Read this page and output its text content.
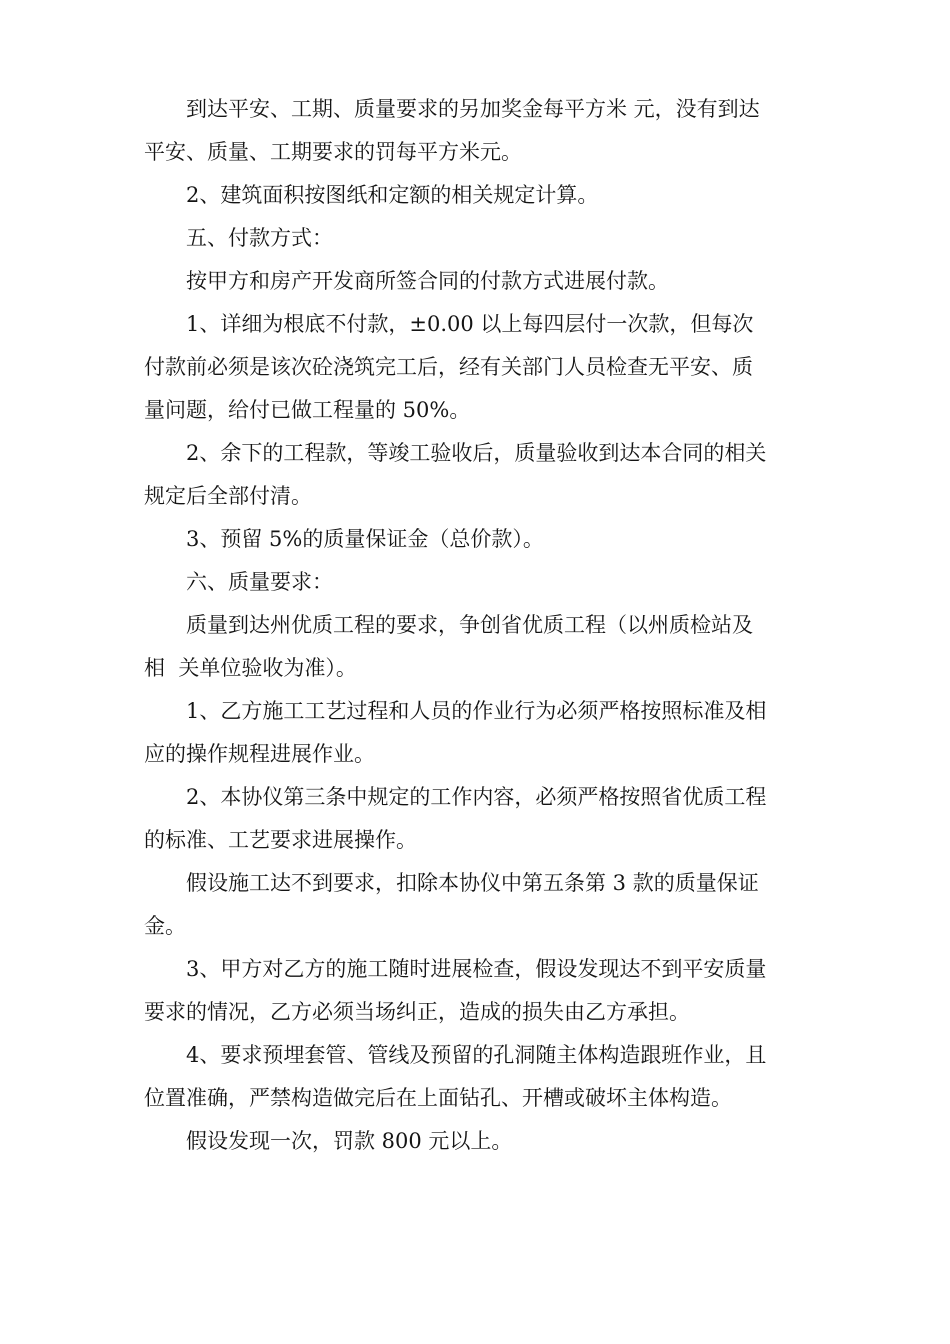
到达平安、工期、质量要求的另加奖金每平方米 元，没有到达
平安、质量、工期要求的罚每平方米元。
2、建筑面积按图纸和定额的相关规定计算。
五、付款方式：
按甲方和房产开发商所签合同的付款方式进展付款。
1、详细为根底不付款，±0.00 以上每四层付一次款，但每次
付款前必须是该次砼浇筑完工后，经有关部门人员检查无平安、质
量问题，给付已做工程量的 50%。
2、余下的工程款，等竣工验收后，质量验收到达本合同的相关
规定后全部付清。
3、预留 5%的质量保证金（总价款）。
六、质量要求：
质量到达州优质工程的要求，争创省优质工程（以州质检站及
相  关单位验收为准）。
1、乙方施工工艺过程和人员的作业行为必须严格按照标准及相
应的操作规程进展作业。
2、本协仪第三条中规定的工作内容，必须严格按照省优质工程
的标准、工艺要求进展操作。
假设施工达不到要求，扣除本协仪中第五条第 3 款的质量保证
金。
3、甲方对乙方的施工随时进展检查，假设发现达不到平安质量
要求的情况，乙方必须当场纠正，造成的损失由乙方承担。
4、要求预埋套管、管线及预留的孔洞随主体构造跟班作业，且
位置准确，严禁构造做完后在上面钻孔、开槽或破坏主体构造。
假设发现一次，罚款 800 元以上。
